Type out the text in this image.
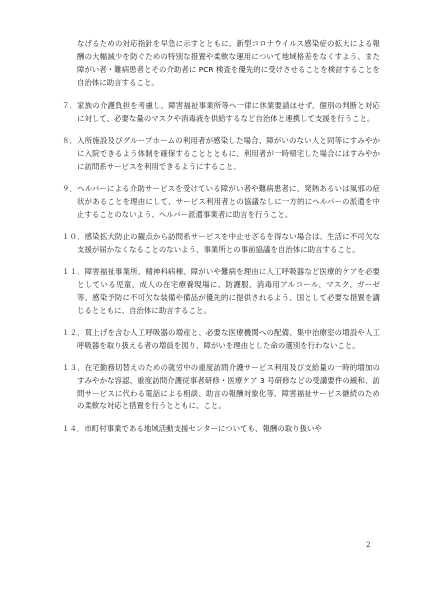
なげるための対応指針を早急に示すとともに、新型コロナウイルス感染症の拡大による報酬の大幅減少を防ぐための特別な措置や柔軟な運用について地域格差をなくすよう、また障がい者・難病患者とその介助者に PCR 検査を優先的に受けさせることを検討することを自治体に助言すること。

７．家族の介護負担を考慮し、障害福祉事業所等へ一律に休業要請はせず、個別の判断と対応に対して、必要な量のマスクや消毒液を供給するなど自治体と連携して支援を行うこと。

８．入所施設及びグループホームの利用者が感染した場合、障がいのない人と同等にすみやかに入院できるよう体制を確保することとともに、利用者が一時帰宅した場合にはすみやかに訪問系サービスを利用できるようにすること。

９．ヘルパーによる介助サービスを受けている障がい者や難病患者に、発熱あるいは風邪の症状があることを理由にして、サービス利用者との協議なしに一方的にヘルパーの派遣を中止することのないよう、ヘルパー派遣事業者に助言を行うこと。

１０．感染拡大防止の観点から訪問系サービスを中止せざるを得ない場合は、生活に不可欠な支援が届かなくなることのないよう、事業所との事前協議を自治体に助言すること。

１１．障害福祉事業所、精神科病棟、障がいや難病を理由に人工呼吸器など医療的ケアを必要としている児童、成人の在宅療養現場に、防護服、消毒用アルコール、マスク、ガーゼ等、感染予防に不可欠な装備や備品が優先的に提供されるよう、国として必要な措置を講じるとともに、自治体に助言すること。

１２．買上げを含む人工呼吸器の増産と、必要な医療機関への配備、集中治療室の増設や人工呼吸器を取り扱える者の増員を図り、障がいを理由とした命の選別を行わないこと。

１３．在宅勤務切替えのための就労中の重度訪問介護サービス利用及び支給量の一時的増加のすみやかな容認、重度訪問介護従事者研修・医療ケア 3 号研修などの受講要件の緩和、訪問サービスに代わる電話による相談、助言の報酬対象化等、障害福祉サービス継続のための柔軟な対応と措置を行うとともに、こと。

１４．市町村事業である地域活動支援センターについても、報酬の取り扱いや

2
